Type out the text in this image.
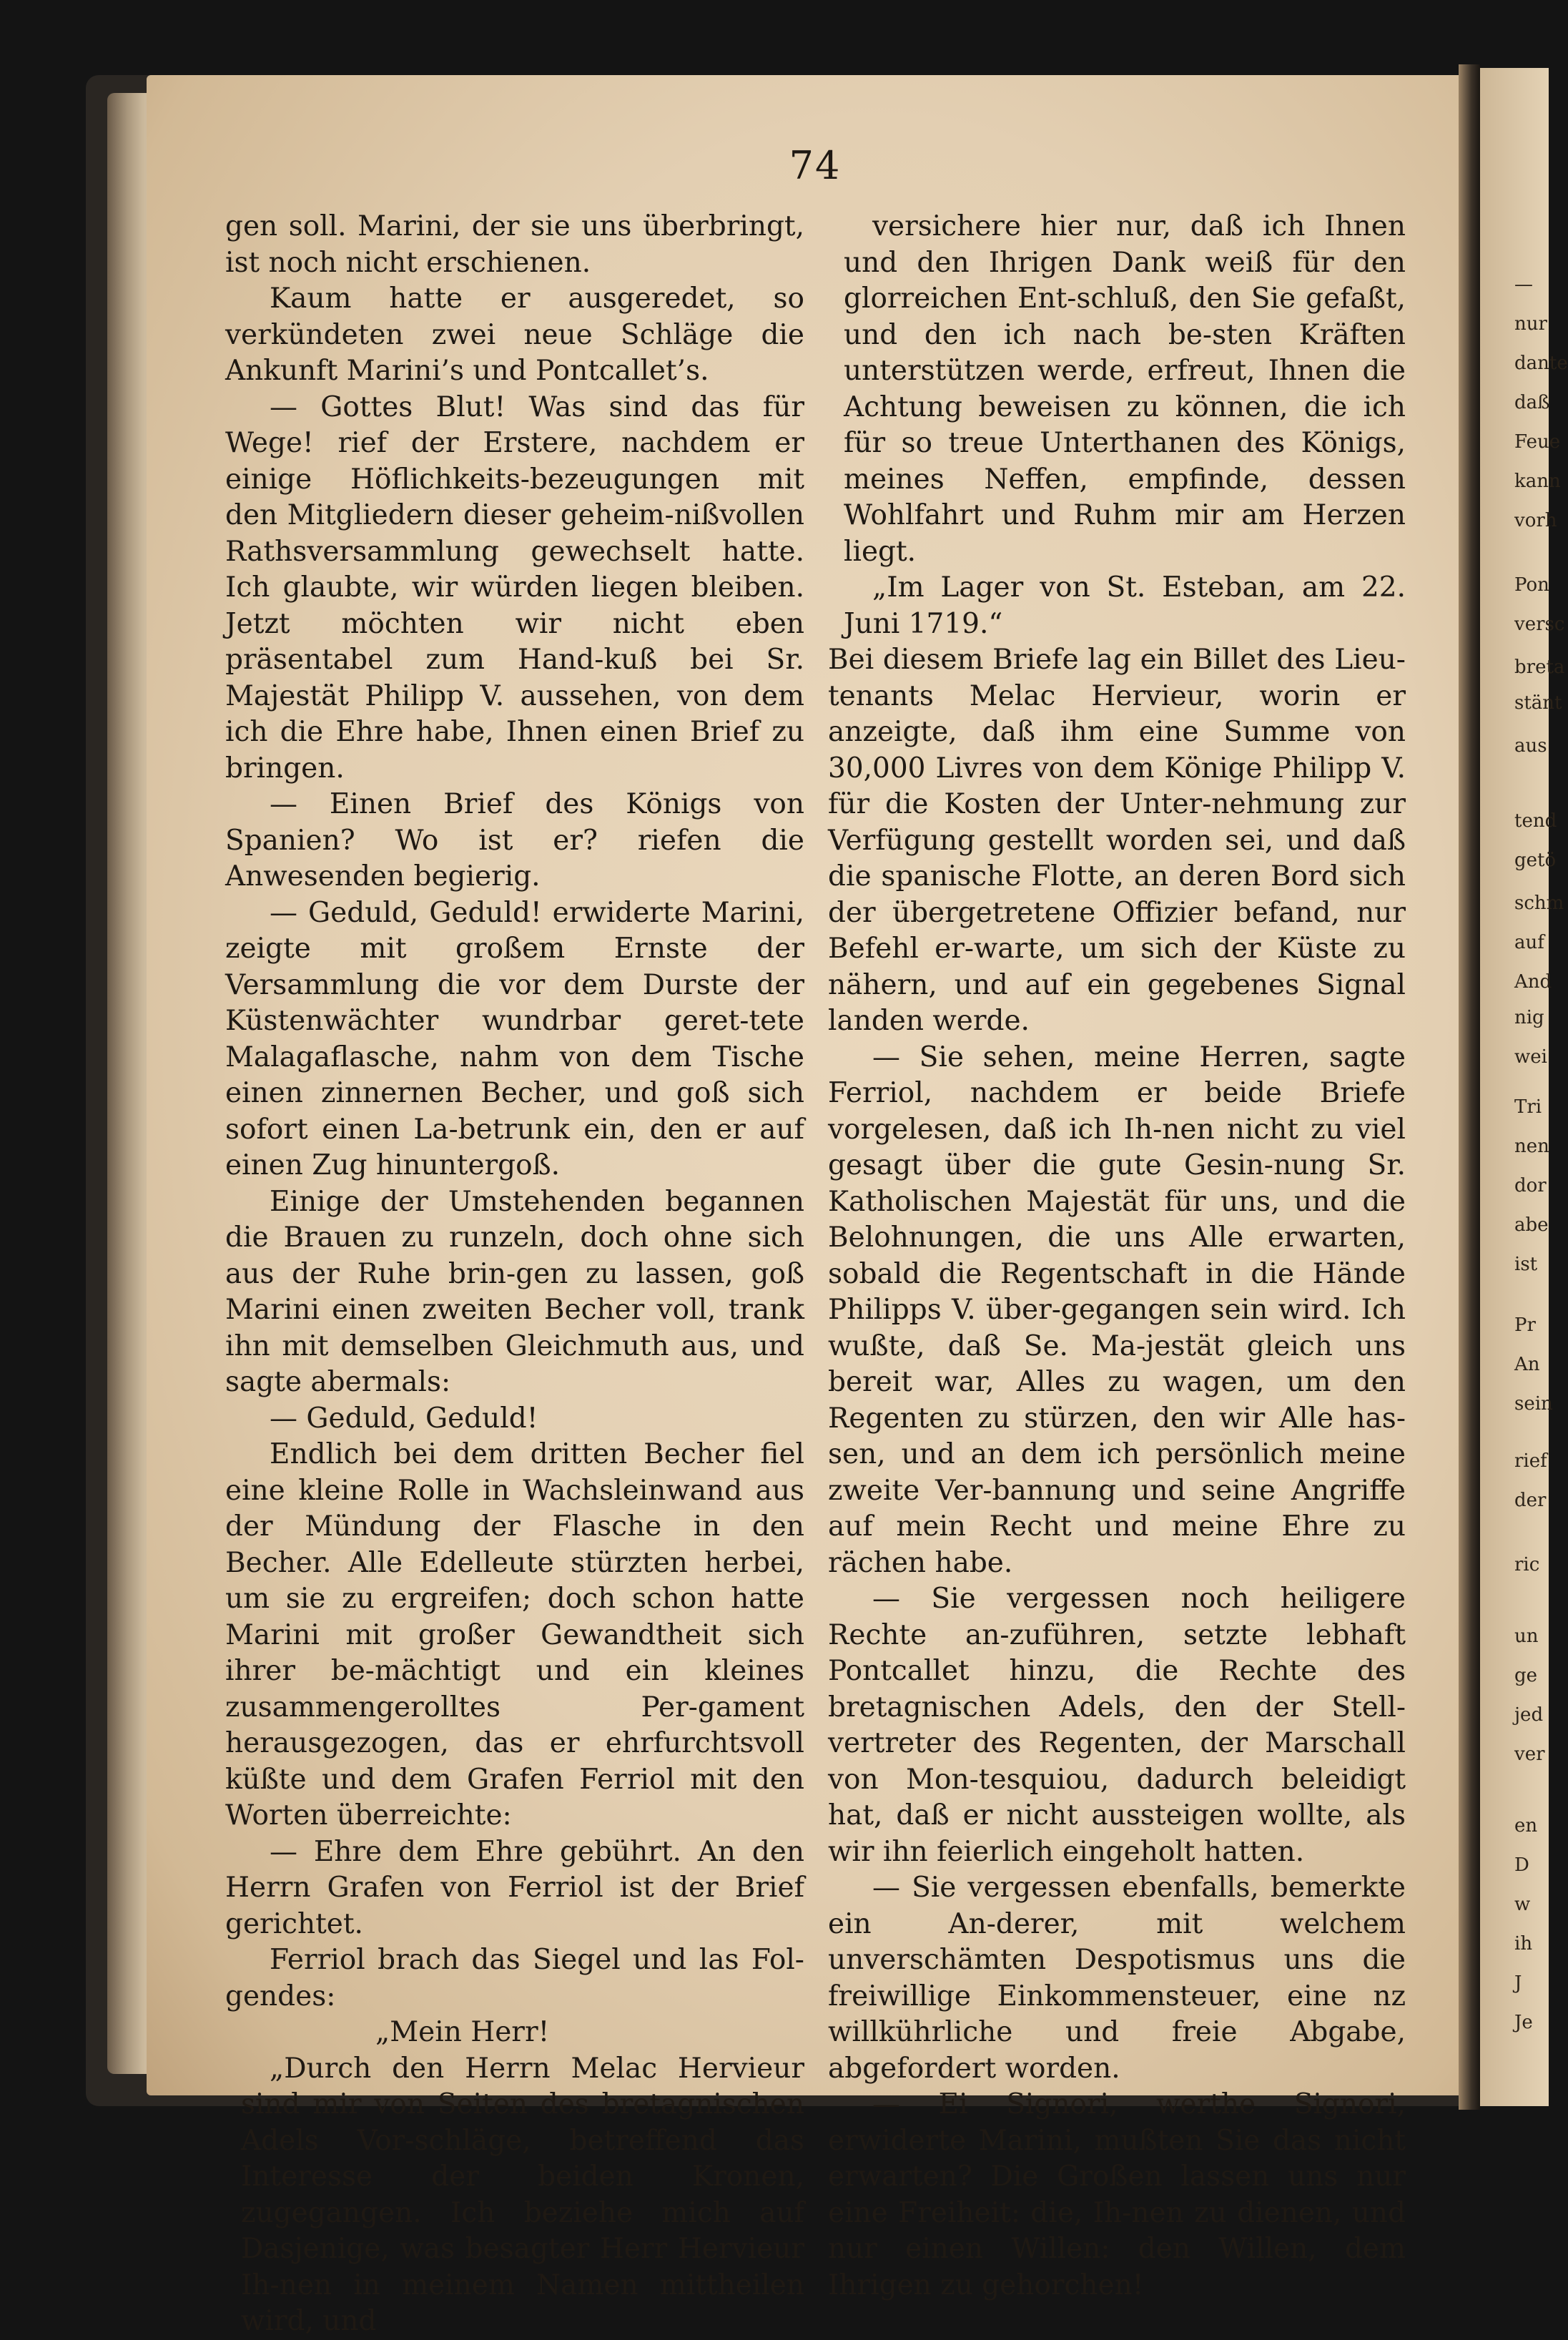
—
nur
dante
daß
Feue
kann
vorh
Pon
versc
breta
stänt
aus
tend
getö
schm
auf
And
nig
wei
Tri
nen
dor
abe
ist
Pr
An
sein
rief
der
ric
un
ge
jed
ver
en
D
w
ih
J
Je
74

gen soll. Marini, der sie uns überbringt, ist noch nicht erschienen.

Kaum hatte er ausgeredet, so verkündeten zwei neue Schläge die Ankunft Marini’s und Pontcallet’s.

— Gottes Blut! Was sind das für Wege! rief der Erstere, nachdem er einige Höflichkeits-bezeugungen mit den Mitgliedern dieser geheim-nißvollen Rathsversammlung gewechselt hatte. Ich glaubte, wir würden liegen bleiben. Jetzt möchten wir nicht eben präsentabel zum Hand-kuß bei Sr. Majestät Philipp V. aussehen, von dem ich die Ehre habe, Ihnen einen Brief zu bringen.

— Einen Brief des Königs von Spanien? Wo ist er? riefen die Anwesenden begierig.

— Geduld, Geduld! erwiderte Marini, zeigte mit großem Ernste der Versammlung die vor dem Durste der Küstenwächter wundrbar geret-tete Malagaflasche, nahm von dem Tische einen zinnernen Becher, und goß sich sofort einen La-betrunk ein, den er auf einen Zug hinuntergoß.

Einige der Umstehenden begannen die Brauen zu runzeln, doch ohne sich aus der Ruhe brin-gen zu lassen, goß Marini einen zweiten Becher voll, trank ihn mit demselben Gleichmuth aus, und sagte abermals:

— Geduld, Geduld!

Endlich bei dem dritten Becher fiel eine kleine Rolle in Wachsleinwand aus der Mündung der Flasche in den Becher. Alle Edelleute stürzten herbei, um sie zu ergreifen; doch schon hatte Marini mit großer Gewandtheit sich ihrer be-mächtigt und ein kleines zusammengerolltes Per-gament herausgezogen, das er ehrfurchtsvoll küßte und dem Grafen Ferriol mit den Worten überreichte:

— Ehre dem Ehre gebührt. An den Herrn Grafen von Ferriol ist der Brief gerichtet.

Ferriol brach das Siegel und las Fol-gendes:

„Mein Herr!

„Durch den Herrn Melac Hervieur sind mir von Seiten des bretagnischen Adels Vor-schläge, betreffend das Interesse der beiden Kronen, zugegangen. Ich beziehe mich auf Dasjenige, was besagter Herr Hervieur Ih-nen in meinem Namen mittheilen wird, und

versichere hier nur, daß ich Ihnen und den Ihrigen Dank weiß für den glorreichen Ent-schluß, den Sie gefaßt, und den ich nach be-sten Kräften unterstützen werde, erfreut, Ihnen die Achtung beweisen zu können, die ich für so treue Unterthanen des Königs, meines Neffen, empfinde, dessen Wohlfahrt und Ruhm mir am Herzen liegt.

„Im Lager von St. Esteban, am 22. Juni 1719.“

Bei diesem Briefe lag ein Billet des Lieu-tenants Melac Hervieur, worin er anzeigte, daß ihm eine Summe von 30,000 Livres von dem Könige Philipp V. für die Kosten der Unter-nehmung zur Verfügung gestellt worden sei, und daß die spanische Flotte, an deren Bord sich der übergetretene Offizier befand, nur Befehl er-warte, um sich der Küste zu nähern, und auf ein gegebenes Signal landen werde.

— Sie sehen, meine Herren, sagte Ferriol, nachdem er beide Briefe vorgelesen, daß ich Ih-nen nicht zu viel gesagt über die gute Gesin-nung Sr. Katholischen Majestät für uns, und die Belohnungen, die uns Alle erwarten, sobald die Regentschaft in die Hände Philipps V. über-gegangen sein wird. Ich wußte, daß Se. Ma-jestät gleich uns bereit war, Alles zu wagen, um den Regenten zu stürzen, den wir Alle has-sen, und an dem ich persönlich meine zweite Ver-bannung und seine Angriffe auf mein Recht und meine Ehre zu rächen habe.

— Sie vergessen noch heiligere Rechte an-zuführen, setzte lebhaft Pontcallet hinzu, die Rechte des bretagnischen Adels, den der Stell-vertreter des Regenten, der Marschall von Mon-tesquiou, dadurch beleidigt hat, daß er nicht aussteigen wollte, als wir ihn feierlich eingeholt hatten.

— Sie vergessen ebenfalls, bemerkte ein An-derer, mit welchem unverschämten Despotismus uns die freiwillige Einkommensteuer, eine nz willkührliche und freie Abgabe, abgefordert worden.

— Ei Signori, werthe Signori, erwiderte Marini, mußten Sie das nicht erwarten? Die Großen lassen uns nur eine Freiheit: die, Ih-nen zu dienen, und nur einen Willen: den Willen, dem Ihrigen zu gehorchen!
